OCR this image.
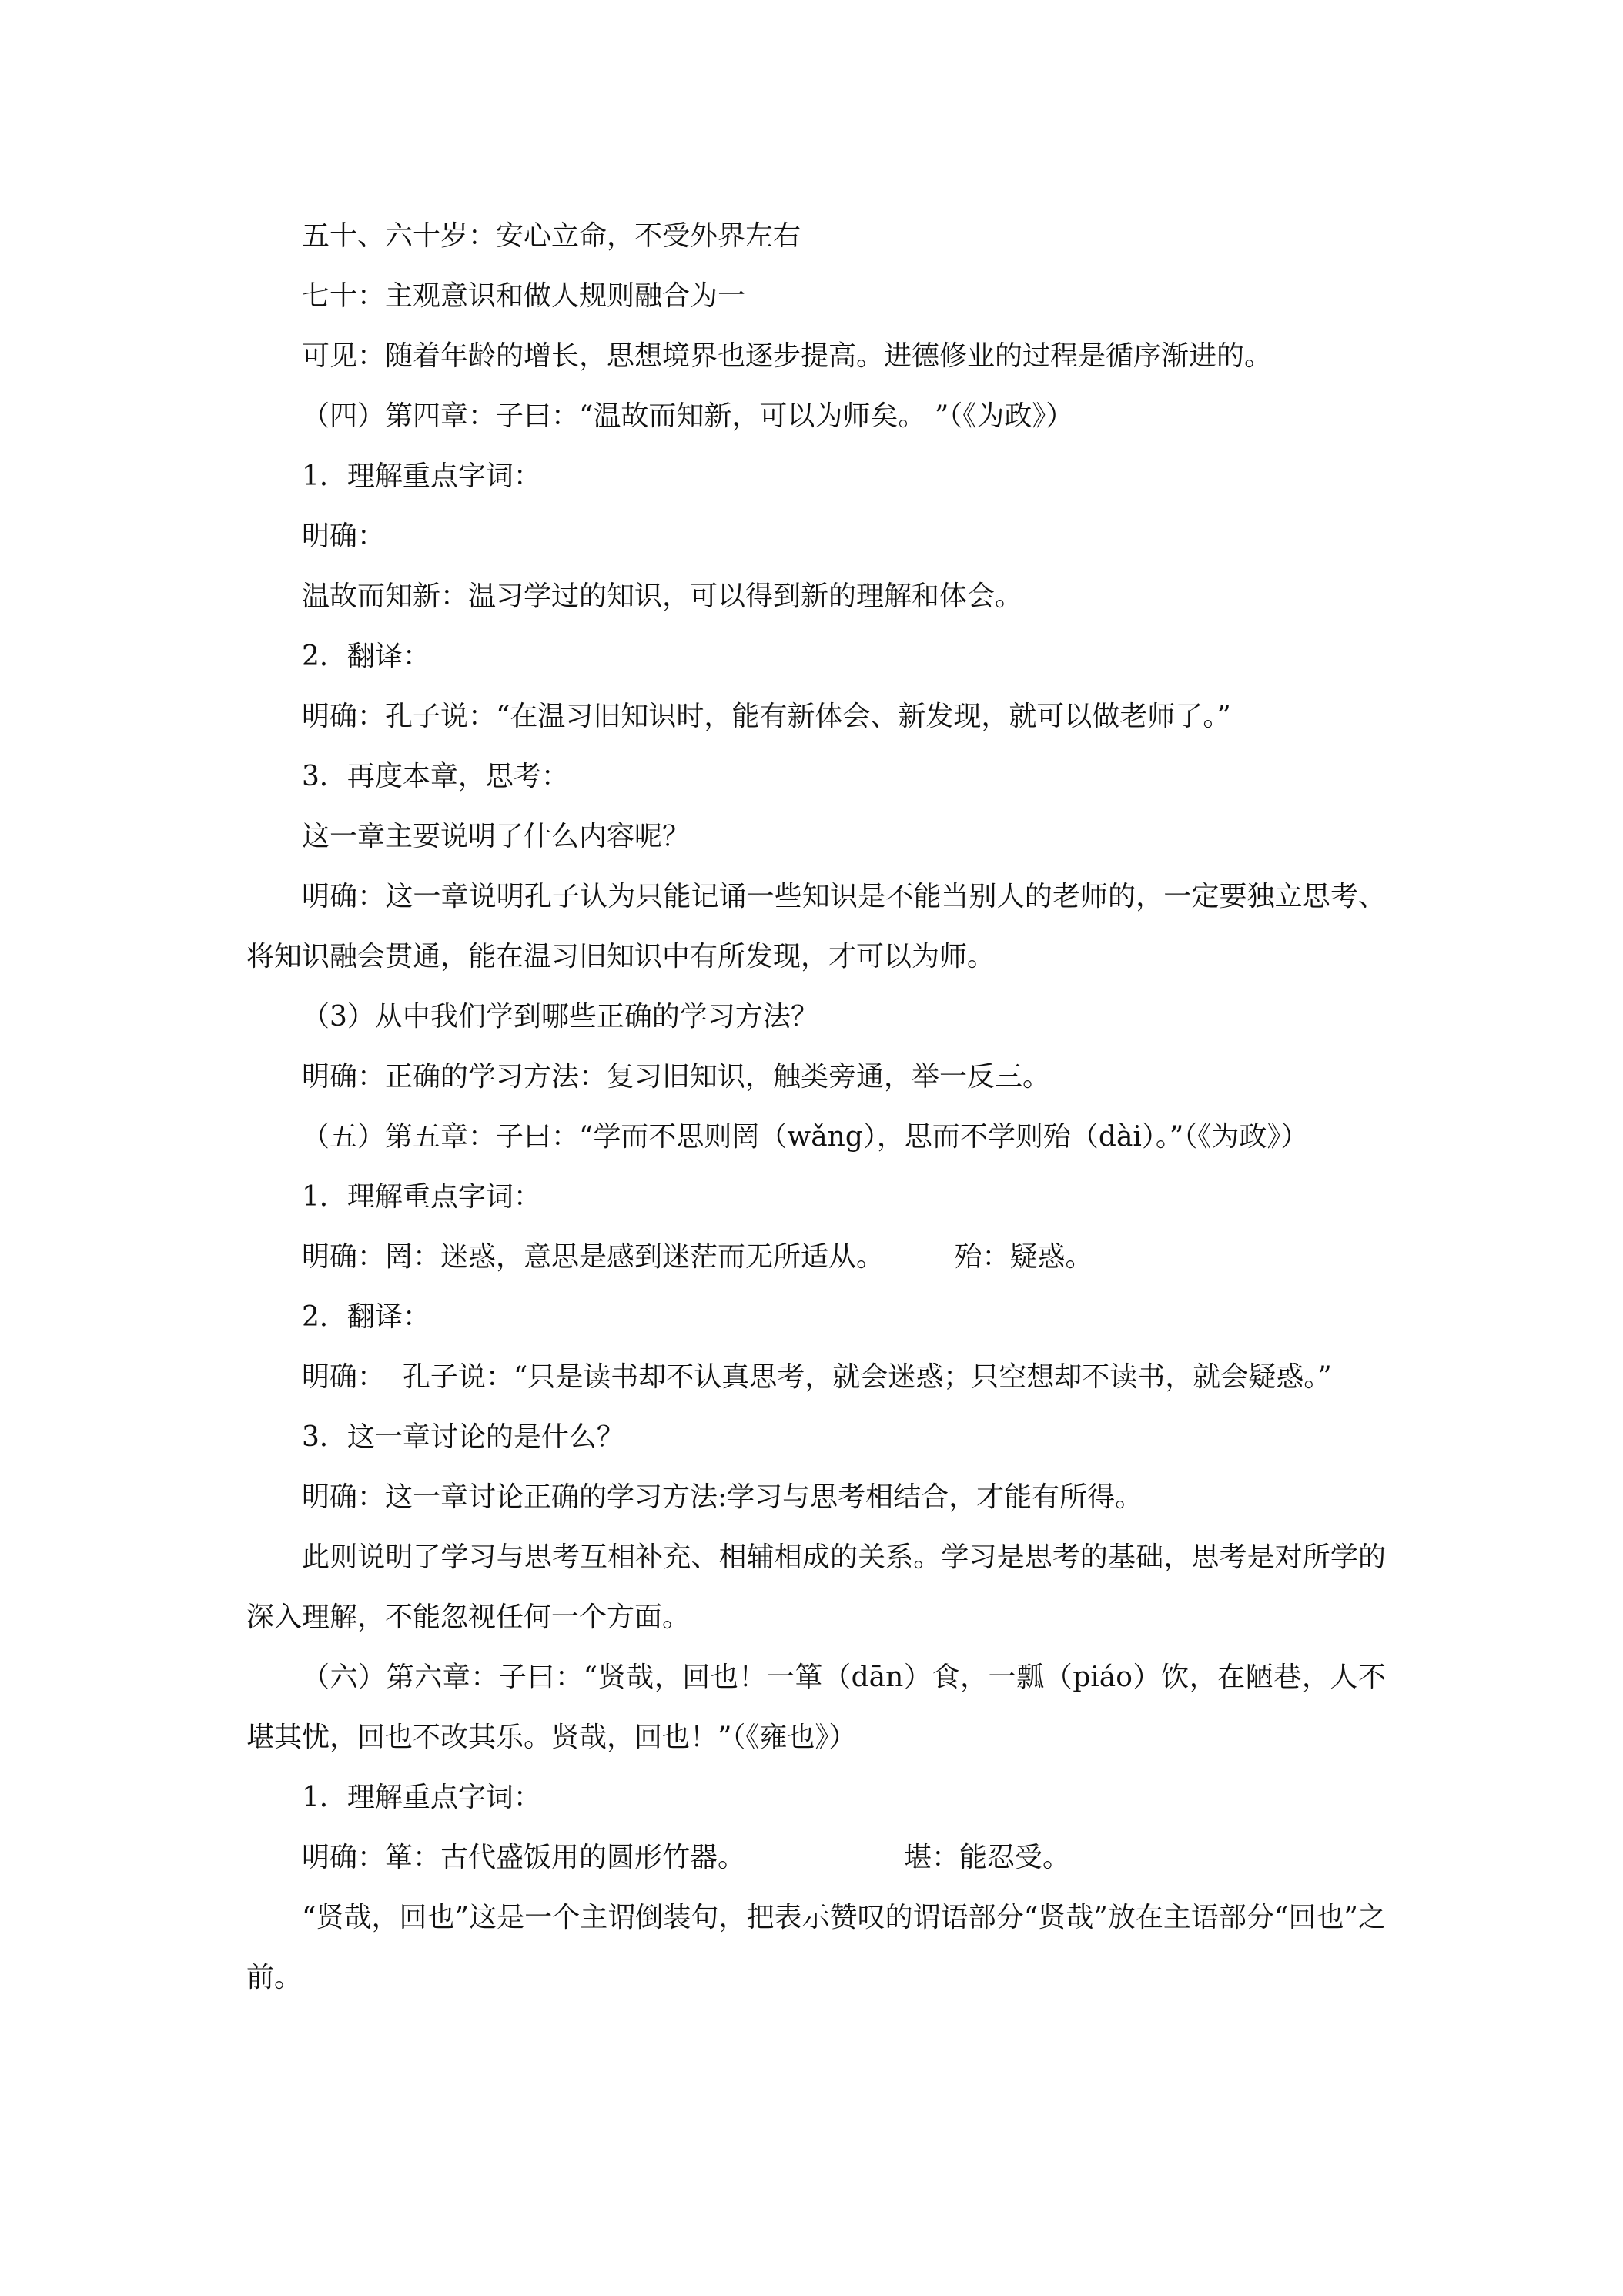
五十、六十岁：安心立命，不受外界左右

七十：主观意识和做人规则融合为一

可见：随着年龄的增长，思想境界也逐步提高。进德修业的过程是循序渐进的。

（四）第四章：子曰：“温故而知新，可以为师矣。 ”（《为政》）

1．理解重点字词：

明确：

温故而知新：温习学过的知识，可以得到新的理解和体会。

2．翻译：

明确：孔子说：“在温习旧知识时，能有新体会、新发现，就可以做老师了。”

3．再度本章，思考：

这一章主要说明了什么内容呢？

明确：这一章说明孔子认为只能记诵一些知识是不能当别人的老师的，一定要独立思考、将知识融会贯通，能在温习旧知识中有所发现，才可以为师。

（3）从中我们学到哪些正确的学习方法？

明确：正确的学习方法：复习旧知识，触类旁通，举一反三。

（五）第五章：子曰：“学而不思则罔（wǎng），思而不学则殆（dài）。”（《为政》）

1．理解重点字词：

明确：罔：迷惑，意思是感到迷茫而无所适从。        殆：疑惑。

2．翻译：

明确：  孔子说：“只是读书却不认真思考，就会迷惑；只空想却不读书，就会疑惑。”

3．这一章讨论的是什么？

明确：这一章讨论正确的学习方法:学习与思考相结合，才能有所得。

此则说明了学习与思考互相补充、相辅相成的关系。学习是思考的基础，思考是对所学的深入理解，不能忽视任何一个方面。

（六）第六章：子曰：“贤哉，回也！一箪（dān）食，一瓢（piáo）饮，在陋巷，人不堪其忧，回也不改其乐。贤哉，回也！”（《雍也》）

1．理解重点字词：

明确：箪：古代盛饭用的圆形竹器。                  堪：能忍受。

“贤哉，回也”这是一个主谓倒装句，把表示赞叹的谓语部分“贤哉”放在主语部分“回也”之前。
